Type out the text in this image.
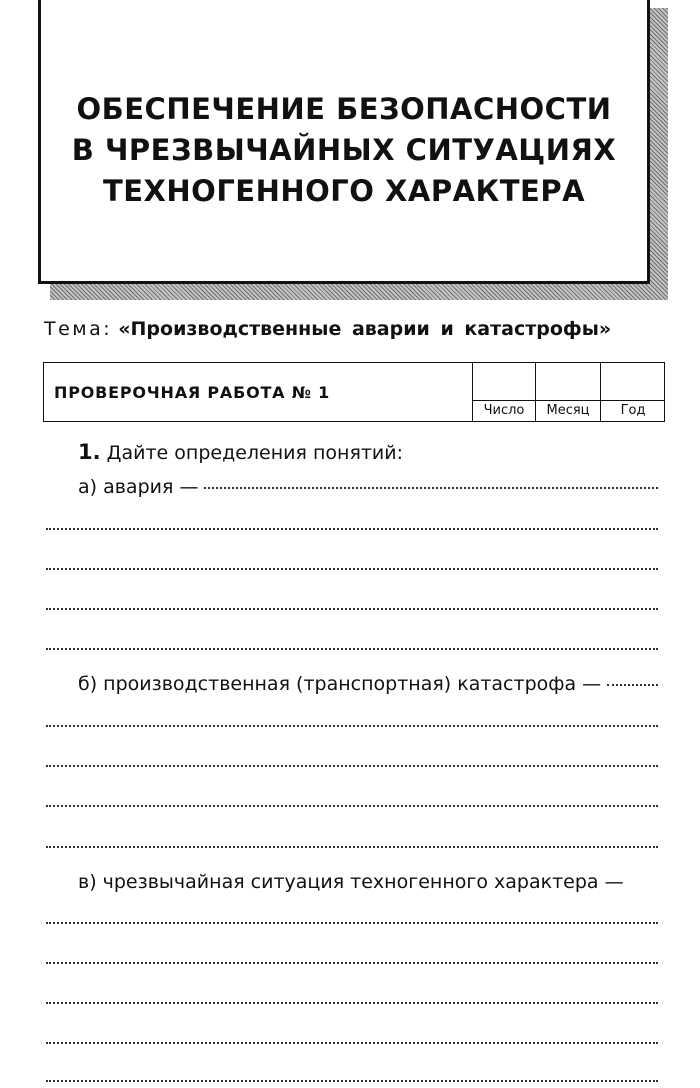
ОБЕСПЕЧЕНИЕ БЕЗОПАСНОСТИ
В ЧРЕЗВЫЧАЙНЫХ СИТУАЦИЯХ
ТЕХНОГЕННОГО ХАРАКТЕРА
Тема: «Производственные аварии и катастрофы»
ПРОВЕРОЧНАЯ РАБОТА № 1
Число	Месяц	Год
1. Дайте определения понятий:
а) авария —
б) производственная (транспортная) катастрофа —
в) чрезвычайная ситуация техногенного характера —
